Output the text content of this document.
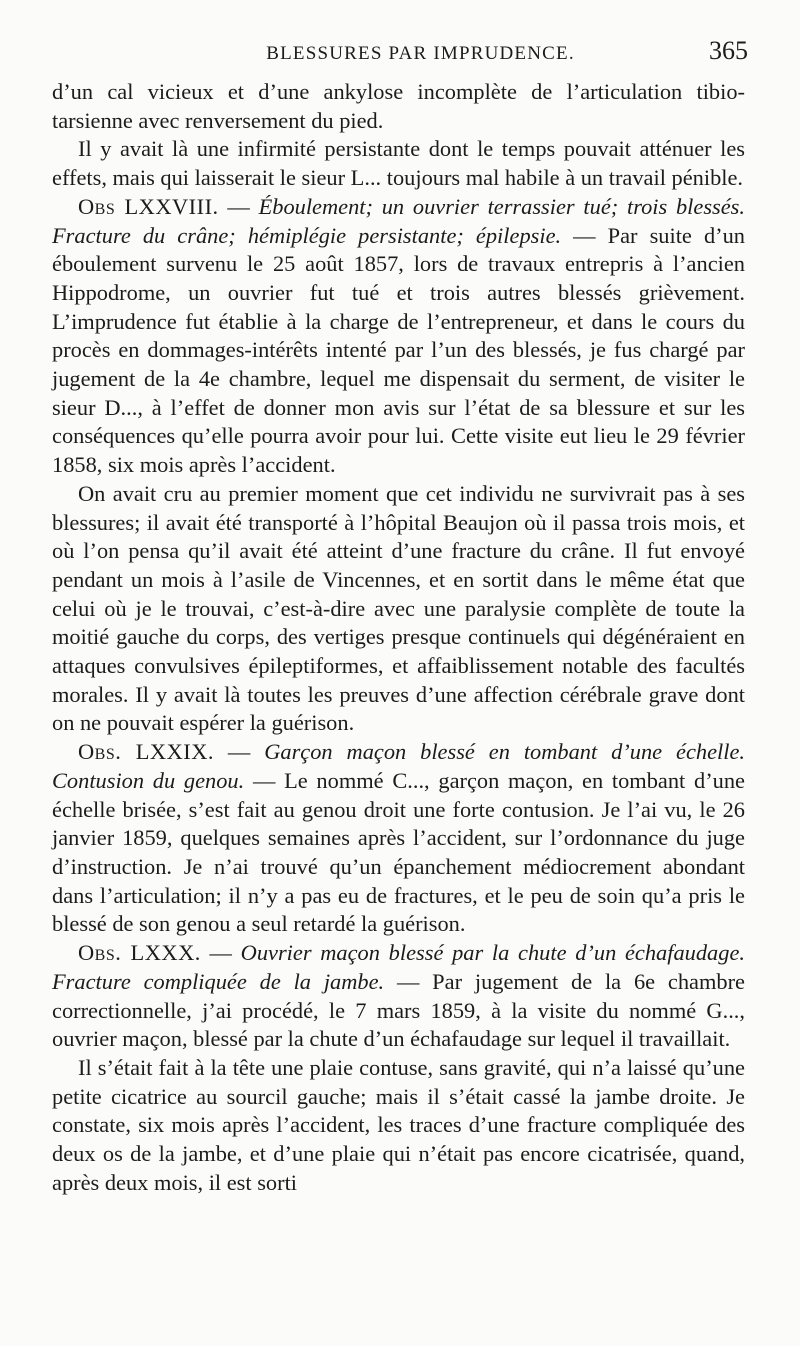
BLESSURES PAR IMPRUDENCE.	365

d’un cal vicieux et d’une ankylose incomplète de l’articulation tibio-tarsienne avec renversement du pied.

Il y avait là une infirmité persistante dont le temps pouvait atténuer les effets, mais qui laisserait le sieur L... toujours mal habile à un travail pénible.

Obs LXXVIII. — Éboulement; un ouvrier terrassier tué; trois blessés. Fracture du crâne; hémiplégie persistante; épilepsie. — Par suite d’un éboulement survenu le 25 août 1857, lors de travaux entrepris à l’ancien Hippodrome, un ouvrier fut tué et trois autres blessés grièvement. L’imprudence fut établie à la charge de l’entrepreneur, et dans le cours du procès en dommages-intérêts intenté par l’un des blessés, je fus chargé par jugement de la 4e chambre, lequel me dispensait du serment, de visiter le sieur D..., à l’effet de donner mon avis sur l’état de sa blessure et sur les conséquences qu’elle pourra avoir pour lui. Cette visite eut lieu le 29 février 1858, six mois après l’accident.

On avait cru au premier moment que cet individu ne survivrait pas à ses blessures; il avait été transporté à l’hôpital Beaujon où il passa trois mois, et où l’on pensa qu’il avait été atteint d’une fracture du crâne. Il fut envoyé pendant un mois à l’asile de Vincennes, et en sortit dans le même état que celui où je le trouvai, c’est-à-dire avec une paralysie complète de toute la moitié gauche du corps, des vertiges presque continuels qui dégénéraient en attaques convulsives épileptiformes, et affaiblissement notable des facultés morales. Il y avait là toutes les preuves d’une affection cérébrale grave dont on ne pouvait espérer la guérison.

Obs. LXXIX. — Garçon maçon blessé en tombant d’une échelle. Contusion du genou. — Le nommé C..., garçon maçon, en tombant d’une échelle brisée, s’est fait au genou droit une forte contusion. Je l’ai vu, le 26 janvier 1859, quelques semaines après l’accident, sur l’ordonnance du juge d’instruction. Je n’ai trouvé qu’un épanchement médiocrement abondant dans l’articulation; il n’y a pas eu de fractures, et le peu de soin qu’a pris le blessé de son genou a seul retardé la guérison.

Obs. LXXX. — Ouvrier maçon blessé par la chute d’un échafaudage. Fracture compliquée de la jambe. — Par jugement de la 6e chambre correctionnelle, j’ai procédé, le 7 mars 1859, à la visite du nommé G..., ouvrier maçon, blessé par la chute d’un échafaudage sur lequel il travaillait.

Il s’était fait à la tête une plaie contuse, sans gravité, qui n’a laissé qu’une petite cicatrice au sourcil gauche; mais il s’était cassé la jambe droite. Je constate, six mois après l’accident, les traces d’une fracture compliquée des deux os de la jambe, et d’une plaie qui n’était pas encore cicatrisée, quand, après deux mois, il est sorti
